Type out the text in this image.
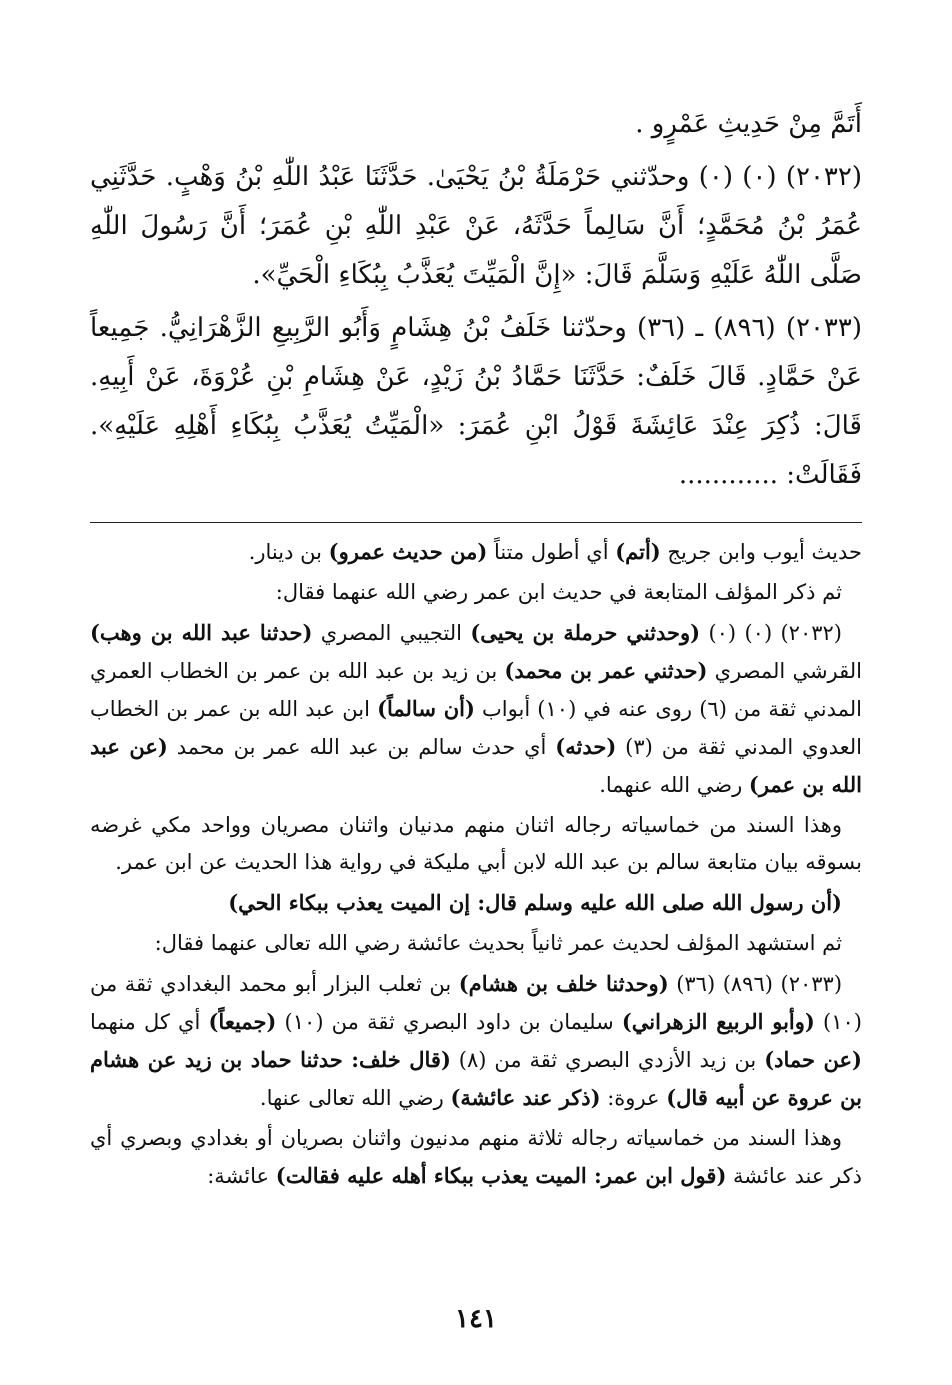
أَتَمَّ مِنْ حَدِيثِ عَمْرٍو .

(٢٠٣٢) (٠) (٠) وحدّثني حَرْمَلَةُ بْنُ يَحْيَىٰ. حَدَّثَنَا عَبْدُ اللّٰهِ بْنُ وَهْبٍ. حَدَّثَنِي عُمَرُ بْنُ مُحَمَّدٍ؛ أَنَّ سَالِماً حَدَّثَهُ، عَنْ عَبْدِ اللّٰهِ بْنِ عُمَرَ؛ أَنَّ رَسُولَ اللّٰهِ صَلَّى اللّٰهُ عَلَيْهِ وَسَلَّمَ قَالَ: «إِنَّ الْمَيِّتَ يُعَذَّبُ بِبُكَاءِ الْحَيِّ».

(٢٠٣٣) (٨٩٦) ـ (٣٦) وحدّثنا خَلَفُ بْنُ هِشَامٍ وَأَبُو الرَّبِيعِ الزَّهْرَانِيُّ. جَمِيعاً عَنْ حَمَّادٍ. قَالَ خَلَفٌ: حَدَّثَنَا حَمَّادُ بْنُ زَيْدٍ، عَنْ هِشَامِ بْنِ عُرْوَةَ، عَنْ أَبِيهِ. قَالَ: ذُكِرَ عِنْدَ عَائِشَةَ قَوْلُ ابْنِ عُمَرَ: «الْمَيِّتُ يُعَذَّبُ بِبُكَاءِ أَهْلِهِ عَلَيْهِ». فَقَالَتْ: ............

حديث أيوب وابن جريج (أتم) أي أطول متناً (من حديث عمرو) بن دينار.

ثم ذكر المؤلف المتابعة في حديث ابن عمر رضي الله عنهما فقال:

(٢٠٣٢) (٠) (٠) (وحدثني حرملة بن يحيى) التجيبي المصري (حدثنا عبد الله بن وهب) القرشي المصري (حدثني عمر بن محمد) بن زيد بن عبد الله بن عمر بن الخطاب العمري المدني ثقة من (٦) روى عنه في (١٠) أبواب (أن سالماً) ابن عبد الله بن عمر بن الخطاب العدوي المدني ثقة من (٣) (حدثه) أي حدث سالم بن عبد الله عمر بن محمد (عن عبد الله بن عمر) رضي الله عنهما.

وهذا السند من خماسياته رجاله اثنان منهم مدنيان واثنان مصريان وواحد مكي غرضه بسوقه بيان متابعة سالم بن عبد الله لابن أبي مليكة في رواية هذا الحديث عن ابن عمر.

(أن رسول الله صلى الله عليه وسلم قال: إن الميت يعذب ببكاء الحي)

ثم استشهد المؤلف لحديث عمر ثانياً بحديث عائشة رضي الله تعالى عنهما فقال:

(٢٠٣٣) (٨٩٦) (٣٦) (وحدثنا خلف بن هشام) بن ثعلب البزار أبو محمد البغدادي ثقة من (١٠) (وأبو الربيع الزهراني) سليمان بن داود البصري ثقة من (١٠) (جميعاً) أي كل منهما (عن حماد) بن زيد الأزدي البصري ثقة من (٨) (قال خلف: حدثنا حماد بن زيد عن هشام بن عروة عن أبيه قال) عروة: (ذكر عند عائشة) رضي الله تعالى عنها.

وهذا السند من خماسياته رجاله ثلاثة منهم مدنيون واثنان بصريان أو بغدادي وبصري أي ذكر عند عائشة (قول ابن عمر: الميت يعذب ببكاء أهله عليه فقالت) عائشة:

١٤١
